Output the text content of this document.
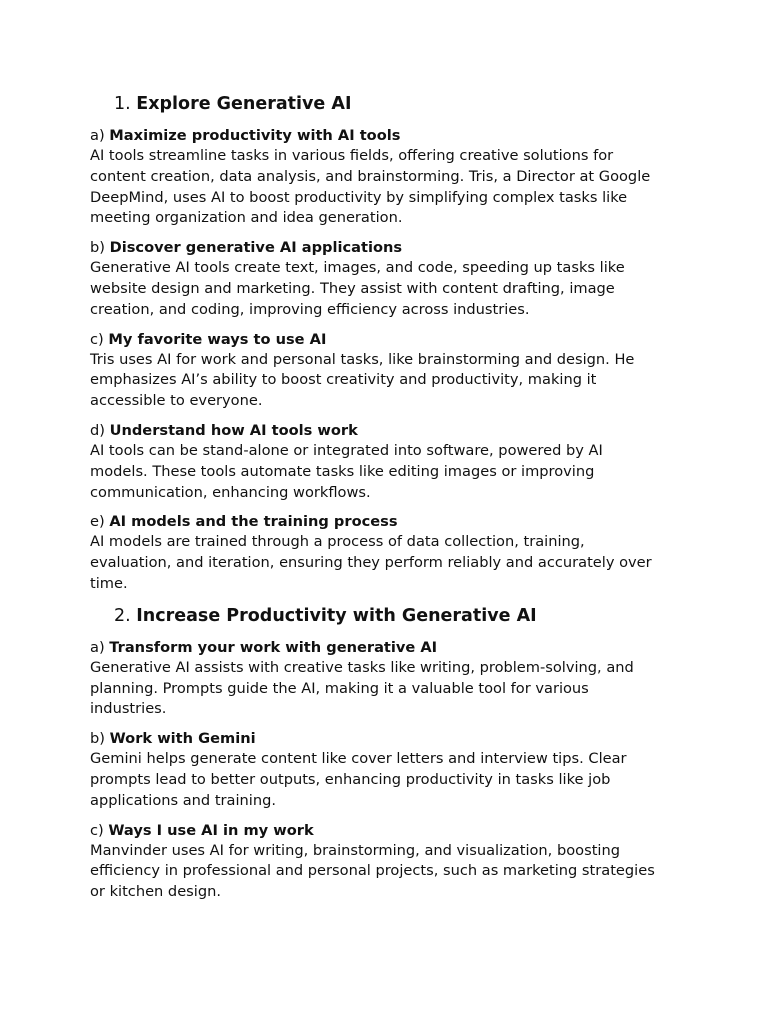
1. Explore Generative AI
a) Maximize productivity with AI tools

AI tools streamline tasks in various fields, offering creative solutions for
content creation, data analysis, and brainstorming. Tris, a Director at Google
DeepMind, uses AI to boost productivity by simplifying complex tasks like
meeting organization and idea generation.

b) Discover generative AI applications

Generative AI tools create text, images, and code, speeding up tasks like
website design and marketing. They assist with content drafting, image
creation, and coding, improving efficiency across industries.

c) My favorite ways to use AI

Tris uses AI for work and personal tasks, like brainstorming and design. He
emphasizes AI’s ability to boost creativity and productivity, making it
accessible to everyone.

d) Understand how AI tools work

AI tools can be stand-alone or integrated into software, powered by AI
models. These tools automate tasks like editing images or improving
communication, enhancing workflows.

e) AI models and the training process

AI models are trained through a process of data collection, training,
evaluation, and iteration, ensuring they perform reliably and accurately over
time.

2. Increase Productivity with Generative AI
a) Transform your work with generative AI

Generative AI assists with creative tasks like writing, problem-solving, and
planning. Prompts guide the AI, making it a valuable tool for various
industries.

b) Work with Gemini

Gemini helps generate content like cover letters and interview tips. Clear
prompts lead to better outputs, enhancing productivity in tasks like job
applications and training.

c) Ways I use AI in my work

Manvinder uses AI for writing, brainstorming, and visualization, boosting
efficiency in professional and personal projects, such as marketing strategies
or kitchen design.
